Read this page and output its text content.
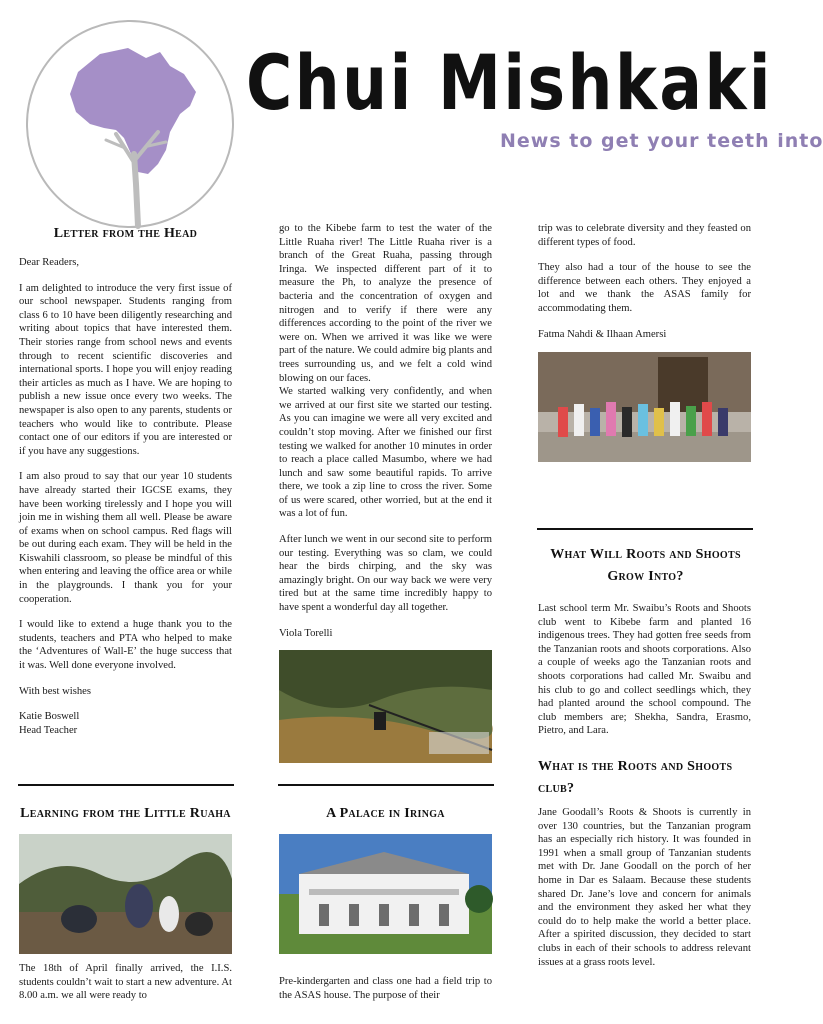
Chui Mishkaki
News to get your teeth into
Letter from the Head

Dear Readers,

I am delighted to introduce the very first issue of our school newspaper. Students ranging from class 6 to 10 have been diligently researching and writing about topics that have interested them. Their stories range from school news and events through to recent scientific discoveries and international sports. I hope you will enjoy reading their articles as much as I have. We are hoping to publish a new issue once every two weeks. The newspaper is also open to any parents, students or teachers who would like to contribute. Please contact one of our editors if you are interested or if you have any suggestions.

I am also proud to say that our year 10 students have already started their IGCSE exams, they have been working tirelessly and I hope you will join me in wishing them all well. Please be aware of exams when on school campus. Red flags will be out during each exam. They will be held in the Kiswahili classroom, so please be mindful of this when entering and leaving the office area or while in the playgrounds. I thank you for your cooperation.

I would like to extend a huge thank you to the students, teachers and PTA who helped to make the ‘Adventures of Wall-E’ the huge success that it was. Well done everyone involved.

With best wishes

Katie Boswell

Head Teacher

Learning from the Little Ruaha

The 18th of April finally arrived, the I.I.S. students couldn’t wait to start a new adventure. At 8.00 a.m. we all were ready to

go to the Kibebe farm to test the water of the Little Ruaha river! The Little Ruaha river is a branch of the Great Ruaha, passing through Iringa. We inspected different part of it to measure the Ph, to analyze the presence of bacteria and the concentration of oxygen and nitrogen and to verify if there were any differences according to the point of the river we were on. When we arrived it was like we were part of the nature. We could admire big plants and trees surrounding us, and we felt a cold wind blowing on our faces.

We started walking very confidently, and when we arrived at our first site we started our testing. As you can imagine we were all very excited and couldn’t stop moving. After we finished our first testing we walked for another 10 minutes in order to reach a place called Masumbo, where we had lunch and saw some beautiful rapids. To arrive there, we took a zip line to cross the river. Some of us were scared, other worried, but at the end it was a lot of fun.

After lunch we went in our second site to perform our testing. Everything was so clam, we could hear the birds chirping, and the sky was amazingly bright. On our way back we were very tired but at the same time incredibly happy to have spent a wonderful day all together.

Viola Torelli

A Palace in Iringa

Pre-kindergarten and class one had a field trip to the ASAS house. The purpose of their

trip was to celebrate diversity and they feasted on different types of food.

They also had a tour of the house to see the difference between each others. They enjoyed a lot and we thank the ASAS family for accommodating them.

Fatma Nahdi & Ilhaan Amersi

What Will Roots and Shoots Grow Into?

Last school term Mr. Swaibu’s Roots and Shoots club went to Kibebe farm and planted 16 indigenous trees. They had gotten free seeds from the Tanzanian roots and shoots corporations. Also a couple of weeks ago the Tanzanian roots and shoots corporations had called Mr. Swaibu and his club to go and collect seedlings which, they had planted around the school compound. The club members are; Shekha, Sandra, Erasmo, Pietro, and Lara.

What is the Roots and Shoots club?

Jane Goodall’s Roots & Shoots is currently in over 130 countries, but the Tanzanian program has an especially rich history. It was founded in 1991 when a small group of Tanzanian students met with Dr. Jane Goodall on the porch of her home in Dar es Salaam. Because these students shared Dr. Jane’s love and concern for animals and the environment they asked her what they could do to help make the world a better place. After a spirited discussion, they decided to start clubs in each of their schools to address relevant issues at a grass roots level.
